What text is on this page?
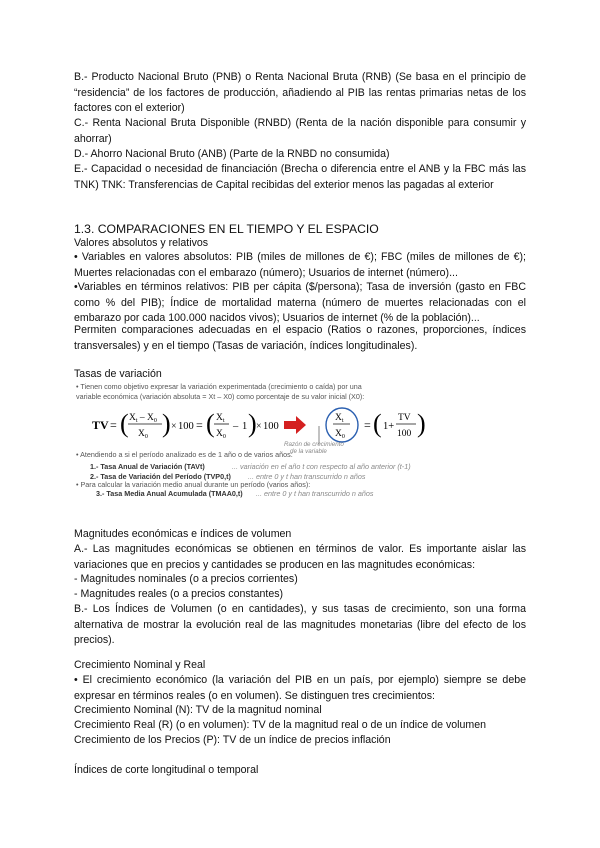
B.- Producto Nacional Bruto (PNB) o Renta Nacional Bruta (RNB) (Se basa en el principio de “residencia” de los factores de producción, añadiendo al PIB las rentas primarias netas de los factores con el exterior)

C.- Renta Nacional Bruta Disponible (RNBD) (Renta de la nación disponible para consumir y ahorrar)

D.- Ahorro Nacional Bruto (ANB) (Parte de la RNBD no consumida)

E.- Capacidad o necesidad de financiación (Brecha o diferencia entre el ANB y la FBC más las TNK) TNK: Transferencias de Capital recibidas del exterior menos las pagadas al exterior

1.3. COMPARACIONES EN EL TIEMPO Y EL ESPACIO

Valores absolutos y relativos

• Variables en valores absolutos: PIB (miles de millones de €); FBC (miles de millones de €); Muertes relacionadas con el embarazo (número); Usuarios de internet (número)...

•Variables en términos relativos: PIB per cápita ($/persona); Tasa de inversión (gasto en FBC como % del PIB); Índice de mortalidad materna (número de muertes relacionadas con el embarazo por cada 100.000 nacidos vivos); Usuarios de internet (% de la población)...

Permiten comparaciones adecuadas en el espacio (Ratios o razones, proporciones, índices transversales) y en el tiempo (Tasas de variación, índices longitudinales).

Tasas de variación

• Tienen como objetivo expresar la variación experimentada (crecimiento o caída) por una
variable económica (variación absoluta = Xt – X0) como porcentaje de su valor inicial (X0):
TV = ( $X_t - X_0$
$X_0$ ) × 100 = ( $X_t$
$X_0$
– 1 ) × 100
$X_t$
$X_0$
= ( 1+
TV
100 )
Razón de crecimiento
de la variable
• Atendiendo a si el período analizado es de 1 año o de varios años:
1.- Tasa Anual de Variación (TAVt)	... variación en el año t con respecto al año anterior (t-1)
2.- Tasa de Variación del Período (TVP0,t) ... entre 0 y t han transcurrido n años
• Para calcular la variación medio anual durante un período (varios años):
3.- Tasa Media Anual Acumulada (TMAA0,t) ... entre 0 y t han transcurrido n años

Magnitudes económicas e índices de volumen

A.- Las magnitudes económicas se obtienen en términos de valor. Es importante aislar las variaciones que en precios y cantidades se producen en las magnitudes económicas:

- Magnitudes nominales (o a precios corrientes)

- Magnitudes reales (o a precios constantes)

B.- Los Índices de Volumen (o en cantidades), y sus tasas de crecimiento, son una forma alternativa de mostrar la evolución real de las magnitudes monetarias (libre del efecto de los precios).

Crecimiento Nominal y Real

• El crecimiento económico (la variación del PIB en un país, por ejemplo) siempre se debe expresar en términos reales (o en volumen). Se distinguen tres crecimientos:

Crecimiento Nominal (N): TV de la magnitud nominal

Crecimiento Real (R) (o en volumen): TV de la magnitud real o de un índice de volumen

Crecimiento de los Precios (P): TV de un índice de precios inflación

Índices de corte longitudinal o temporal
